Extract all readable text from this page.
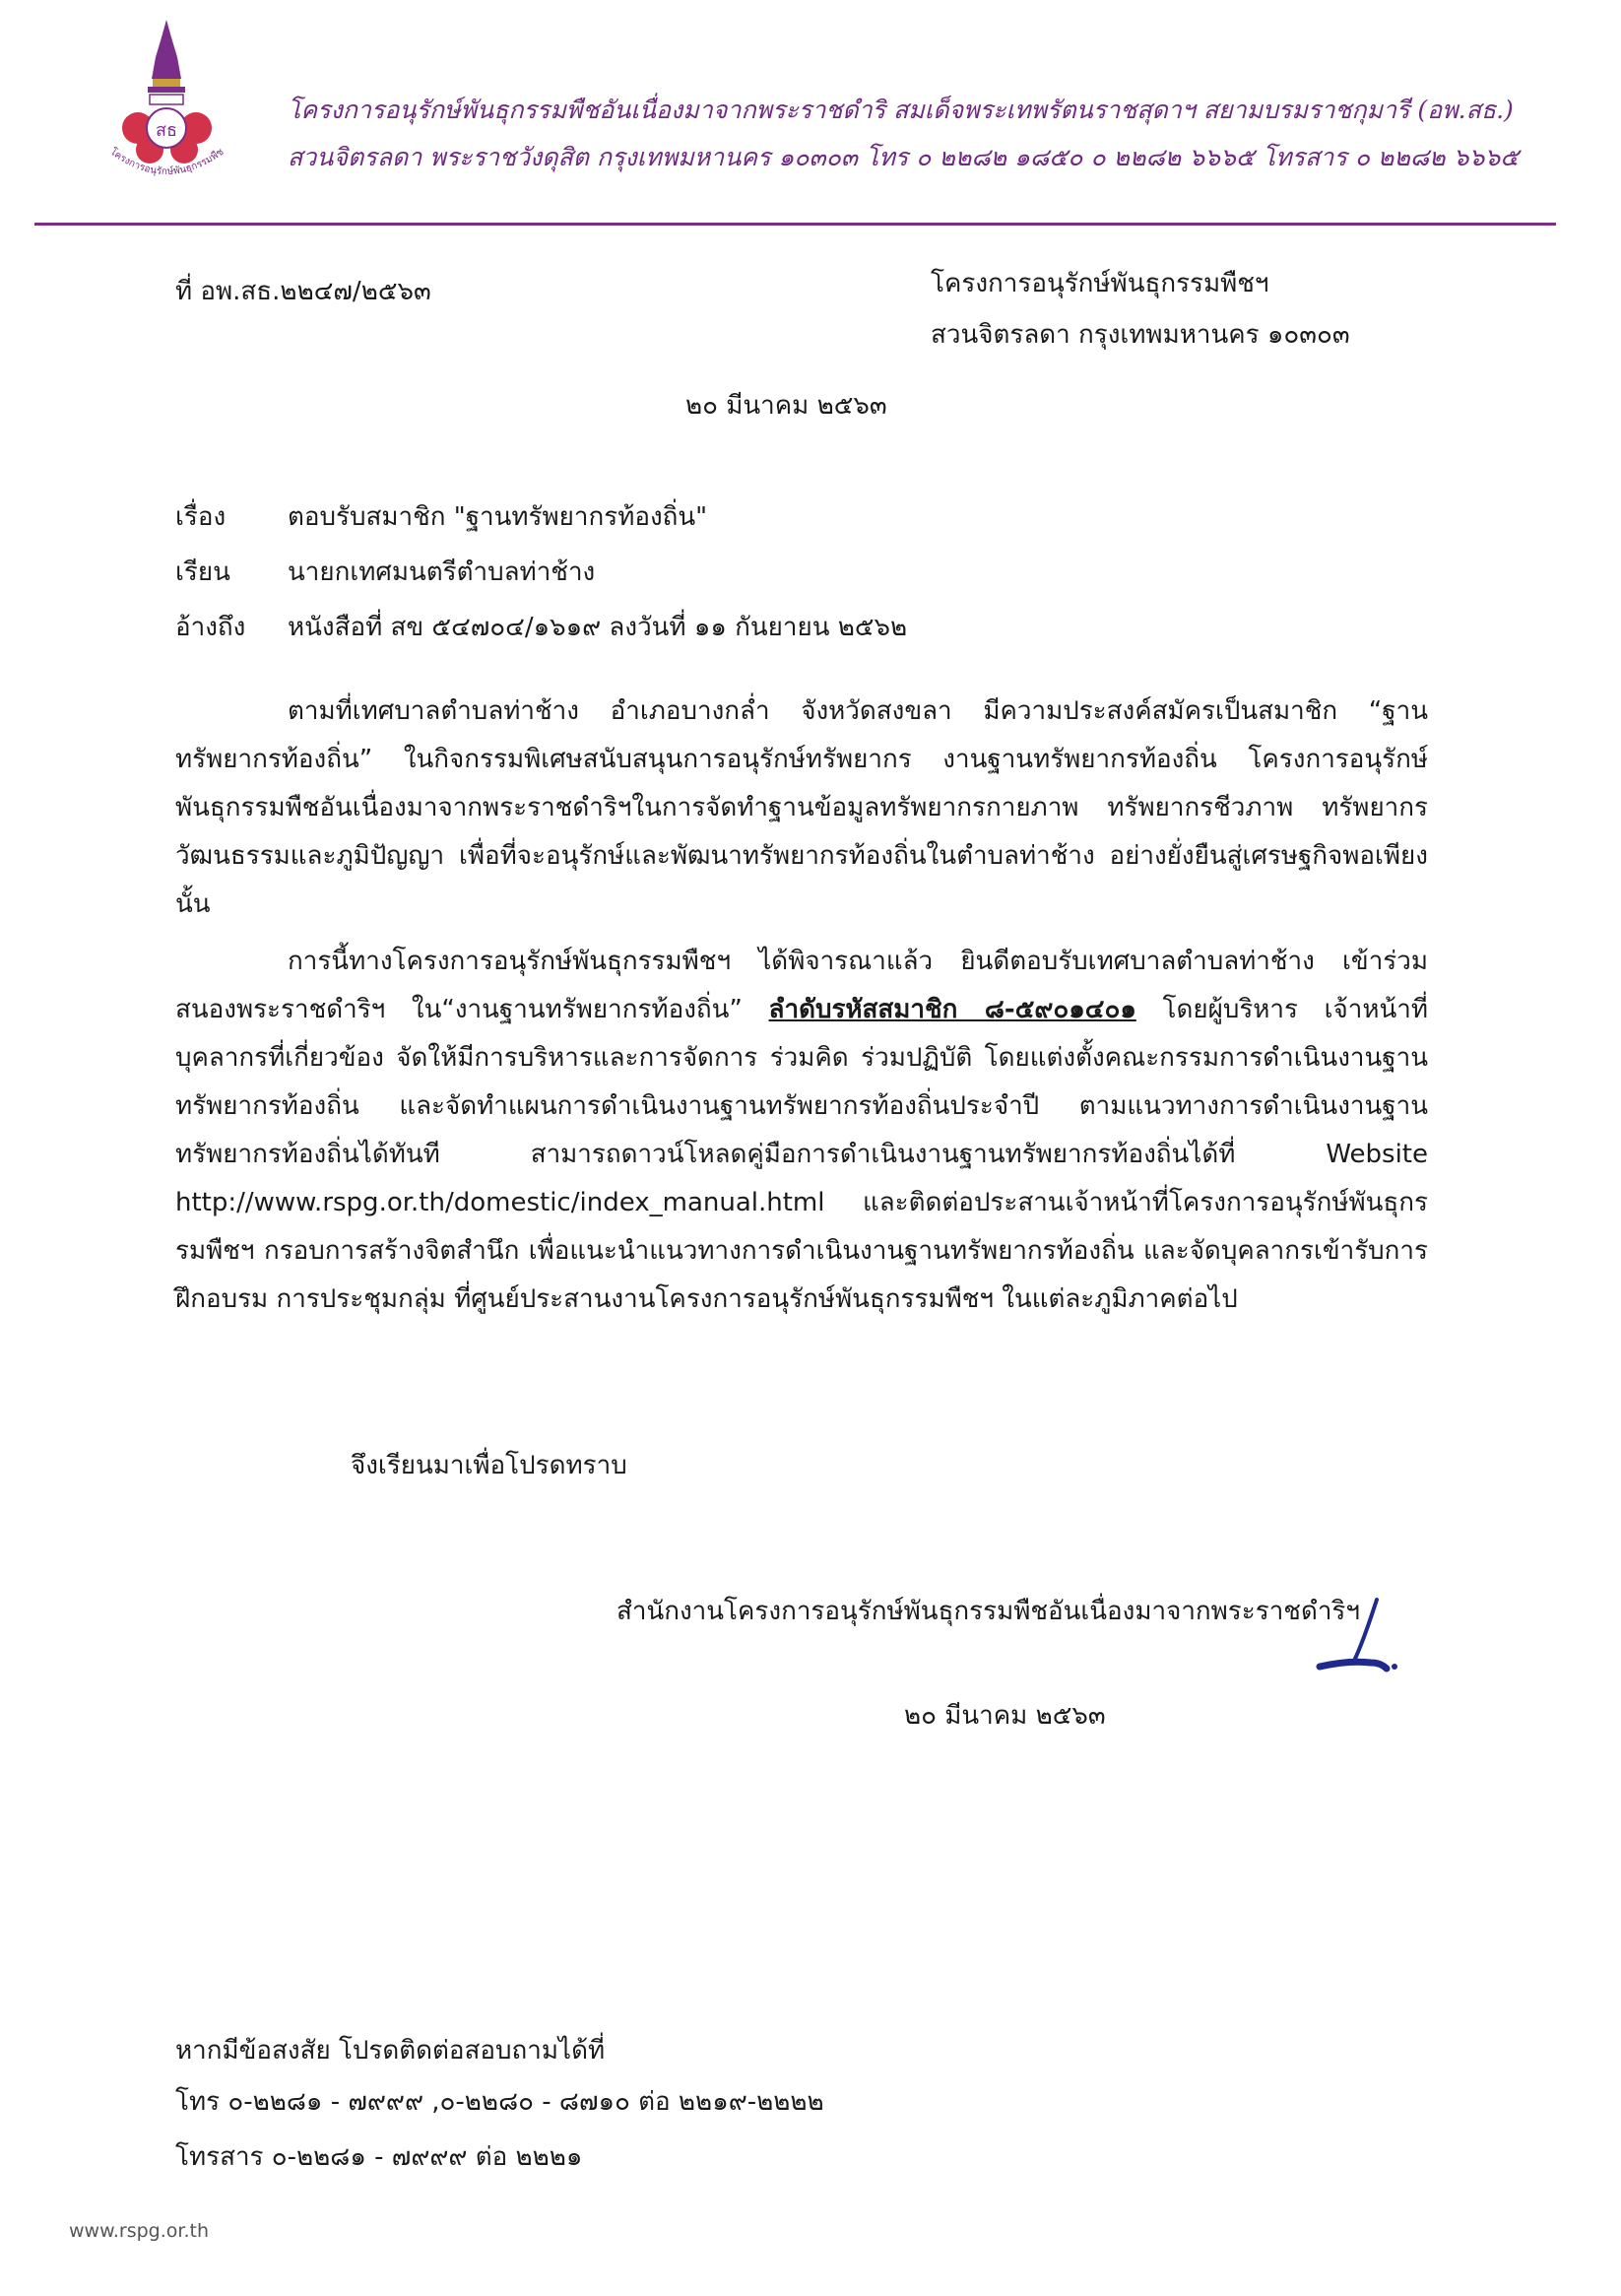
สธ
โครงการอนุรักษ์พันธุกรรมพืช
โครงการอนุรักษ์พันธุกรรมพืชอันเนื่องมาจากพระราชดำริ สมเด็จพระเทพรัตนราชสุดาฯ สยามบรมราชกุมารี (อพ.สธ.)
สวนจิตรลดา พระราชวังดุสิต กรุงเทพมหานคร ๑๐๓๐๓ โทร ๐ ๒๒๘๒ ๑๘๕๐ ๐ ๒๒๘๒ ๖๖๖๕ โทรสาร ๐ ๒๒๘๒ ๖๖๖๕
ที่ อพ.สธ.๒๒๔๗/๒๕๖๓	โครงการอนุรักษ์พันธุกรรมพืชฯ
สวนจิตรลดา กรุงเทพมหานคร ๑๐๓๐๓
๒๐ มีนาคม ๒๕๖๓
เรื่อง ตอบรับสมาชิก "ฐานทรัพยากรท้องถิ่น"
เรียน นายกเทศมนตรีตำบลท่าช้าง
อ้างถึง หนังสือที่ สข ๕๔๗๐๔/๑๖๑๙ ลงวันที่ ๑๑ กันยายน ๒๕๖๒
ตามที่เทศบาลตำบลท่าช้าง อำเภอบางกล่ำ จังหวัดสงขลา มีความประสงค์สมัครเป็นสมาชิก “ฐานทรัพยากรท้องถิ่น” ในกิจกรรมพิเศษสนับสนุนการอนุรักษ์ทรัพยากร งานฐานทรัพยากรท้องถิ่น โครงการอนุรักษ์พันธุกรรมพืชอันเนื่องมาจากพระราชดำริฯในการจัดทำฐานข้อมูลทรัพยากรกายภาพ ทรัพยากรชีวภาพ ทรัพยากรวัฒนธรรมและภูมิปัญญา เพื่อที่จะอนุรักษ์และพัฒนาทรัพยากรท้องถิ่นในตำบลท่าช้าง อย่างยั่งยืนสู่เศรษฐกิจพอเพียง นั้น
การนี้ทางโครงการอนุรักษ์พันธุกรรมพืชฯ ได้พิจารณาแล้ว ยินดีตอบรับเทศบาลตำบลท่าช้าง เข้าร่วมสนองพระราชดำริฯ ใน“งานฐานทรัพยากรท้องถิ่น” ลำดับรหัสสมาชิก ๘-๕๙๐๑๔๐๑ โดยผู้บริหาร เจ้าหน้าที่บุคลากรที่เกี่ยวข้อง จัดให้มีการบริหารและการจัดการ ร่วมคิด ร่วมปฏิบัติ โดยแต่งตั้งคณะกรรมการดำเนินงานฐานทรัพยากรท้องถิ่น และจัดทำแผนการดำเนินงานฐานทรัพยากรท้องถิ่นประจำปี ตามแนวทางการดำเนินงานฐานทรัพยากรท้องถิ่นได้ทันที สามารถดาวน์โหลดคู่มือการดำเนินงานฐานทรัพยากรท้องถิ่นได้ที่ Website http://www.rspg.or.th/domestic/index_manual.html และติดต่อประสานเจ้าหน้าที่โครงการอนุรักษ์พันธุกรรมพืชฯ กรอบการสร้างจิตสำนึก เพื่อแนะนำแนวทางการดำเนินงานฐานทรัพยากรท้องถิ่น และจัดบุคลากรเข้ารับการฝึกอบรม การประชุมกลุ่ม ที่ศูนย์ประสานงานโครงการอนุรักษ์พันธุกรรมพืชฯ ในแต่ละภูมิภาคต่อไป
จึงเรียนมาเพื่อโปรดทราบ
สำนักงานโครงการอนุรักษ์พันธุกรรมพืชอันเนื่องมาจากพระราชดำริฯ
๒๐ มีนาคม ๒๕๖๓
หากมีข้อสงสัย โปรดติดต่อสอบถามได้ที่
โทร ๐-๒๒๘๑ - ๗๙๙๙ ,๐-๒๒๘๐ - ๘๗๑๐ ต่อ ๒๒๑๙-๒๒๒๒
โทรสาร ๐-๒๒๘๑ - ๗๙๙๙ ต่อ ๒๒๒๑
www.rspg.or.th
